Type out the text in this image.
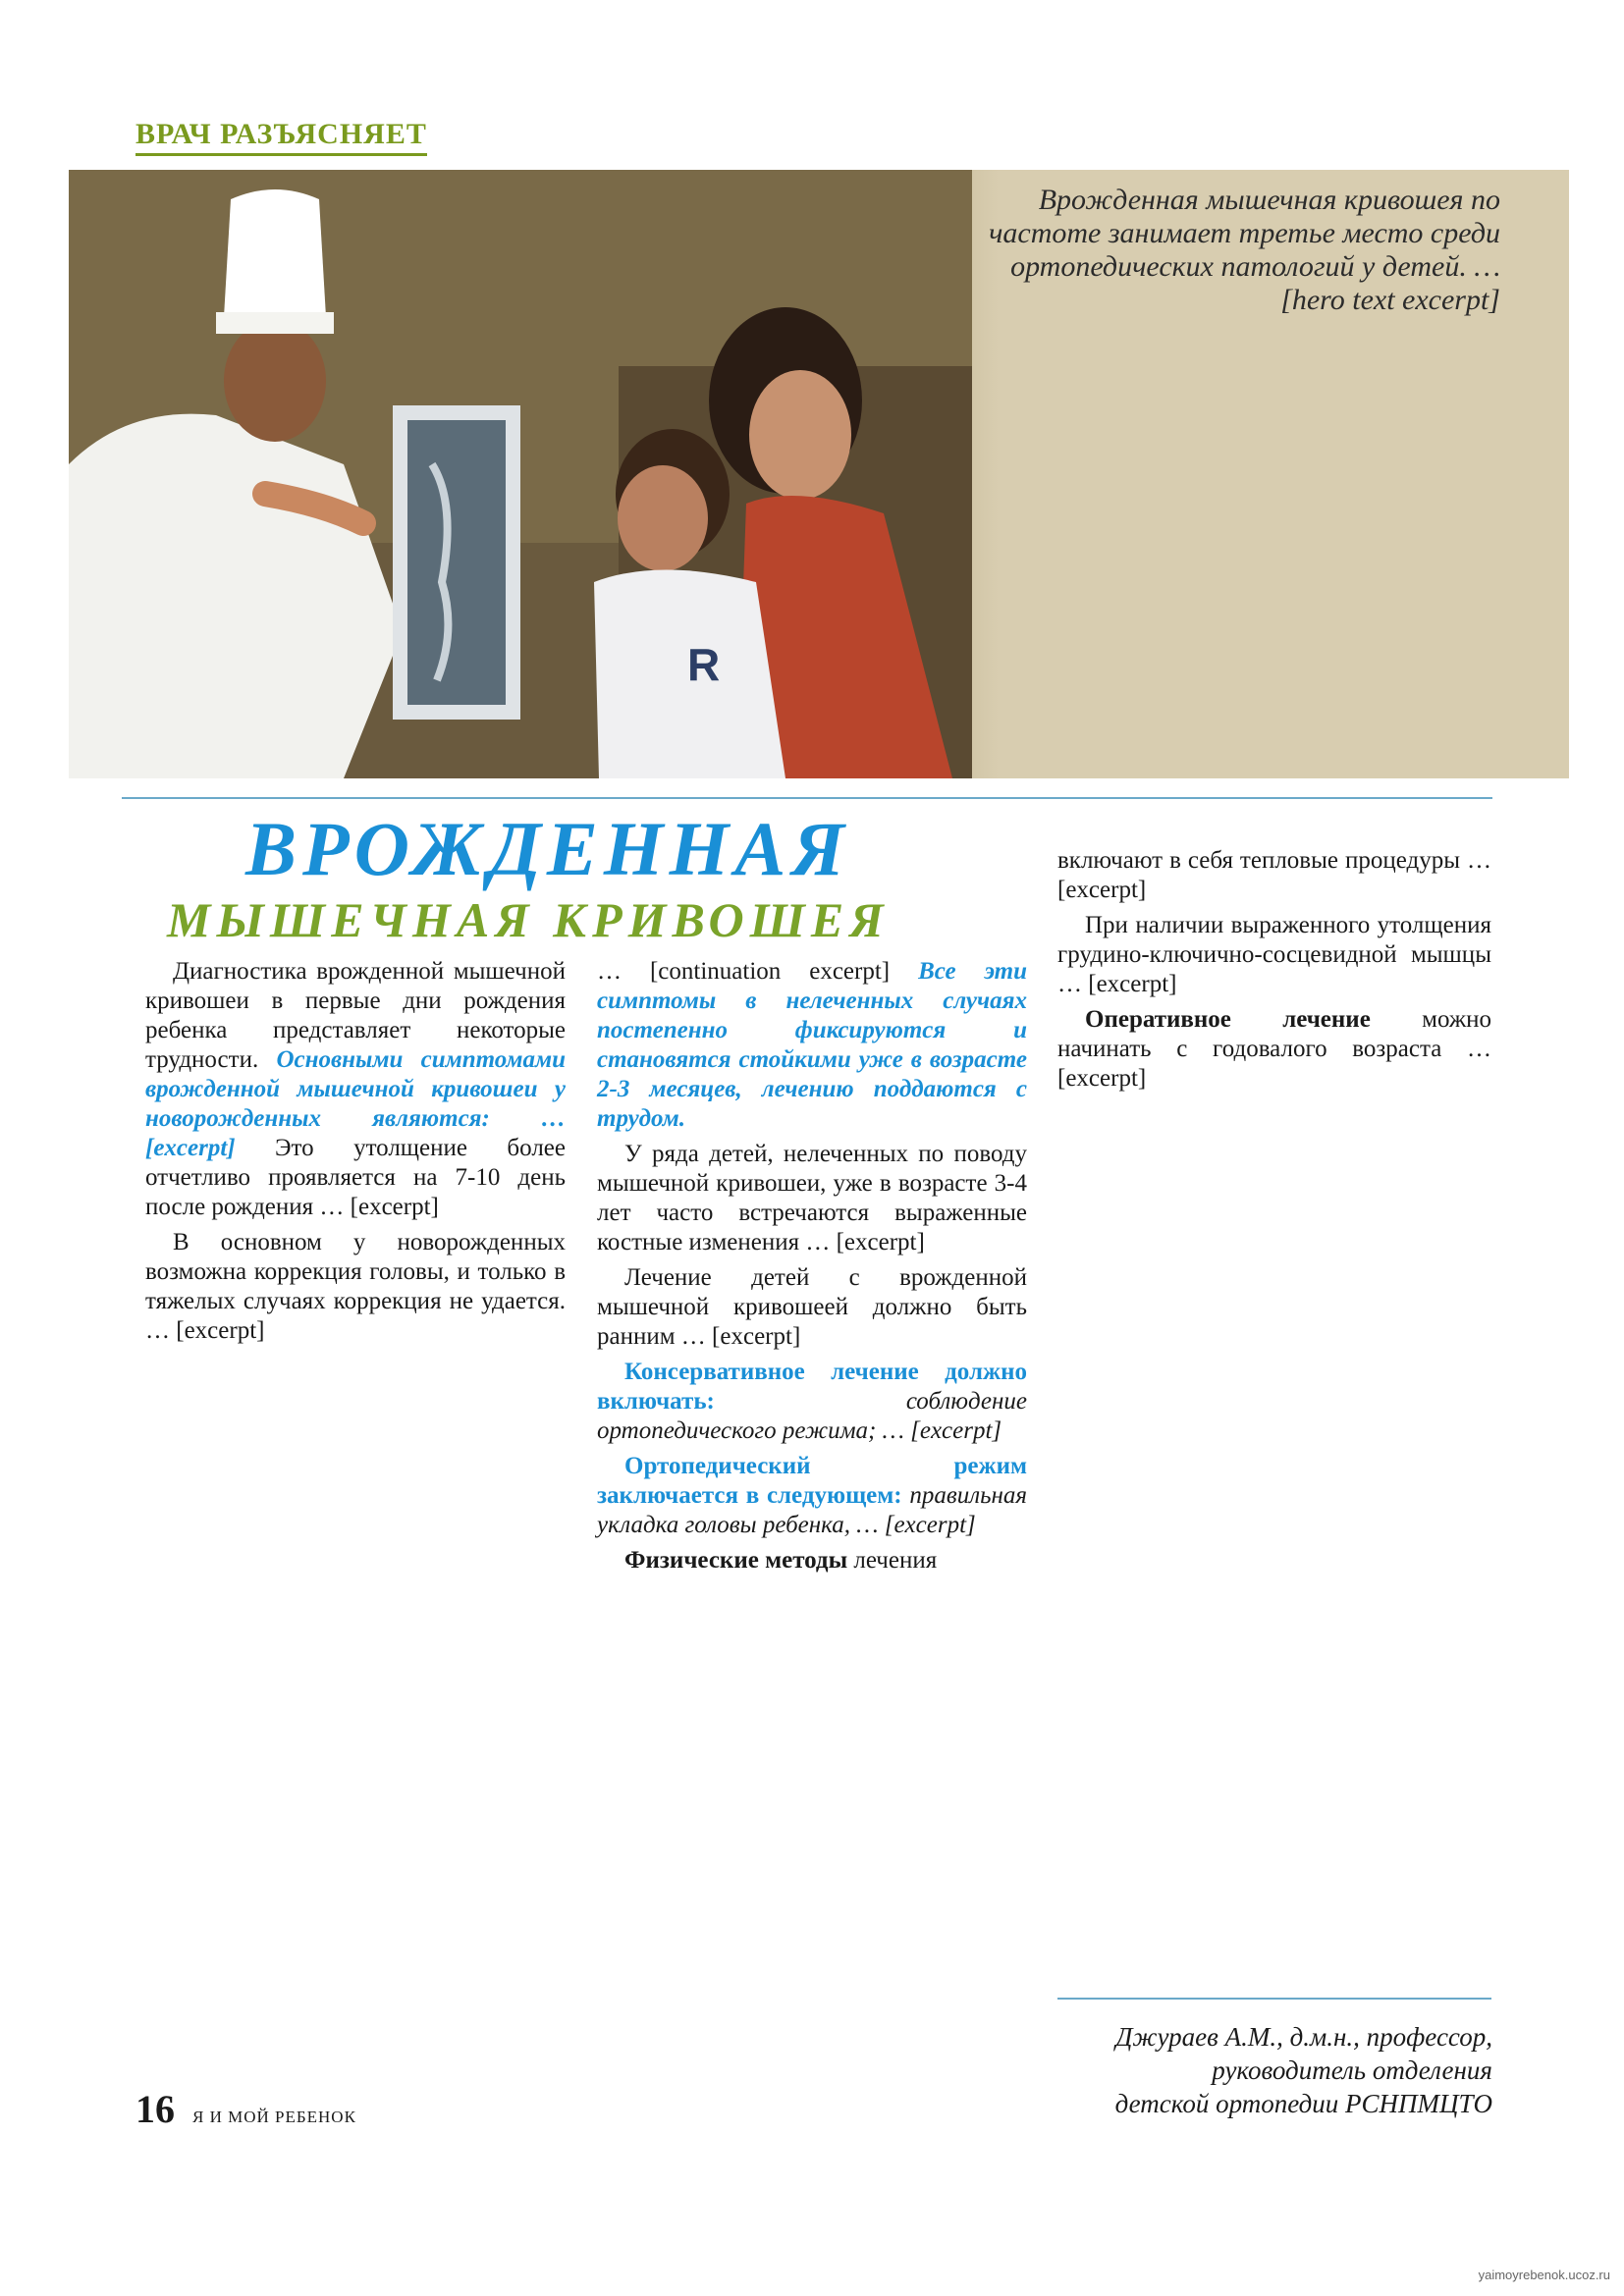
ВРАЧ РАЗЪЯСНЯЕТ
R
Врожденная мышечная кривошея по частоте занимает третье место среди ортопедических патологий у детей. … [hero text excerpt]
ВРОЖДЕННАЯ
МЫШЕЧНАЯ КРИВОШЕЯ

Диагностика врожденной мышечной кривошеи в первые дни рождения ребенка представляет некоторые трудности. Основными симптомами врожденной мышечной кривошеи у новорожденных являются: … [excerpt] Это утолщение более отчетливо проявляется на 7-10 день после рождения … [excerpt]

В основном у новорожденных возможна коррекция головы, и только в тяжелых случаях коррекция не удается. … [excerpt]

… [continuation excerpt] Все эти симптомы в нелеченных случаях постепенно фиксируются и становятся стойкими уже в возрасте 2-3 месяцев, лечению поддаются с трудом.

У ряда детей, нелеченных по поводу мышечной кривошеи, уже в возрасте 3-4 лет часто встречаются выраженные костные изменения … [excerpt]

Лечение детей с врожденной мышечной кривошеей должно быть ранним … [excerpt]

Консервативное лечение должно включать:	соблюдение ортопедического режима; … [excerpt]

Ортопедический режим заключается в следующем: правильная укладка головы ребенка, … [excerpt]

Физические методы лечения

включают в себя тепловые процедуры … [excerpt]

При наличии выраженного утолщения грудино-ключично-сосцевидной мышцы … [excerpt]

Оперативное лечение можно начинать с годовалого возраста … [excerpt]

Джураев А.М., д.м.н., профессор,
руководитель отделения
детской ортопедии РСНПМЦТО
16 Я И МОЙ РЕБЕНОК
yaimoyrebenok.ucoz.ru
